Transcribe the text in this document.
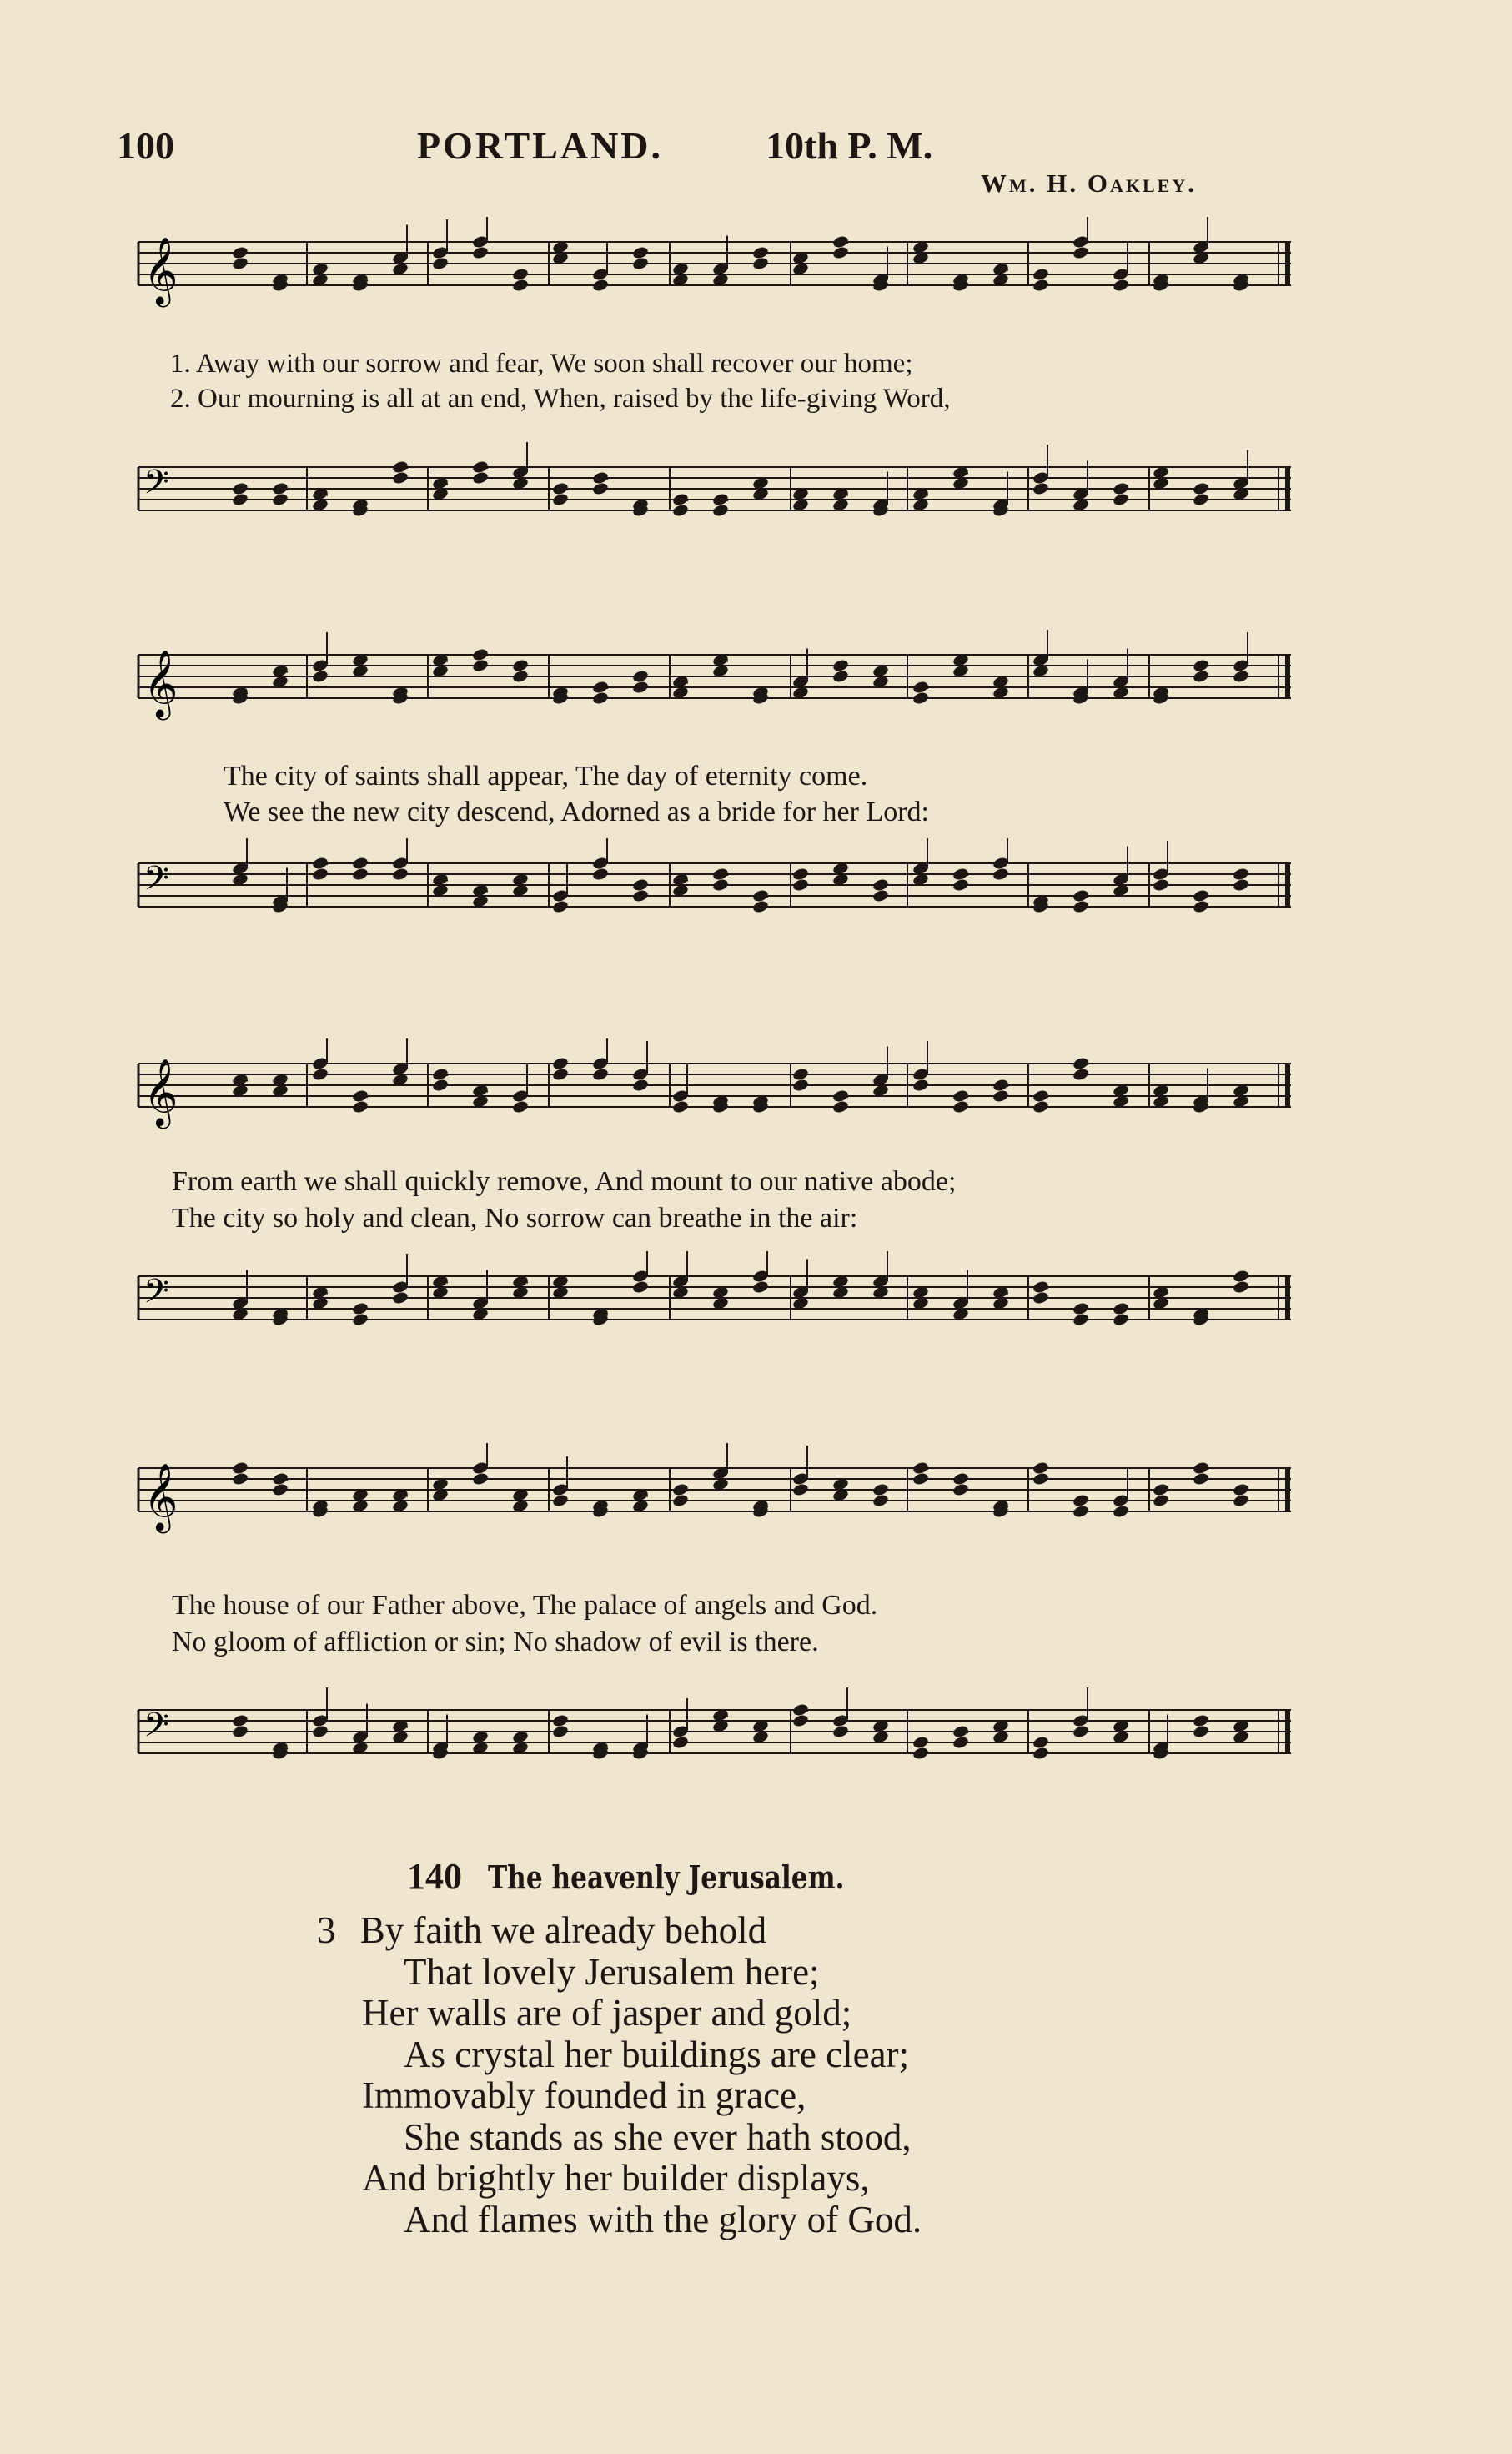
100	PORTLAND.	10th P. M.
Wm. H. Oakley.
𝄞
𝄢
1. Away with our sorrow and fear, We soon shall recover our home;
2. Our mourning is all at an end, When, raised by the life-giving Word,
𝄞
𝄢
The city of saints shall appear, The day of eternity come.
We see the new city descend, Adorned as a bride for her Lord:
𝄞
𝄢
From earth we shall quickly remove, And mount to our native abode;
The city so holy and clean, No sorrow can breathe in the air:
𝄞
𝄢
The house of our Father above, The palace of angels and God.
No gloom of affliction or sin; No shadow of evil is there.
140 The heavenly Jerusalem.
3 By faith we already behold
That lovely Jerusalem here;
Her walls are of jasper and gold;
As crystal her buildings are clear;
Immovably founded in grace,
She stands as she ever hath stood,
And brightly her builder displays,
And flames with the glory of God.
